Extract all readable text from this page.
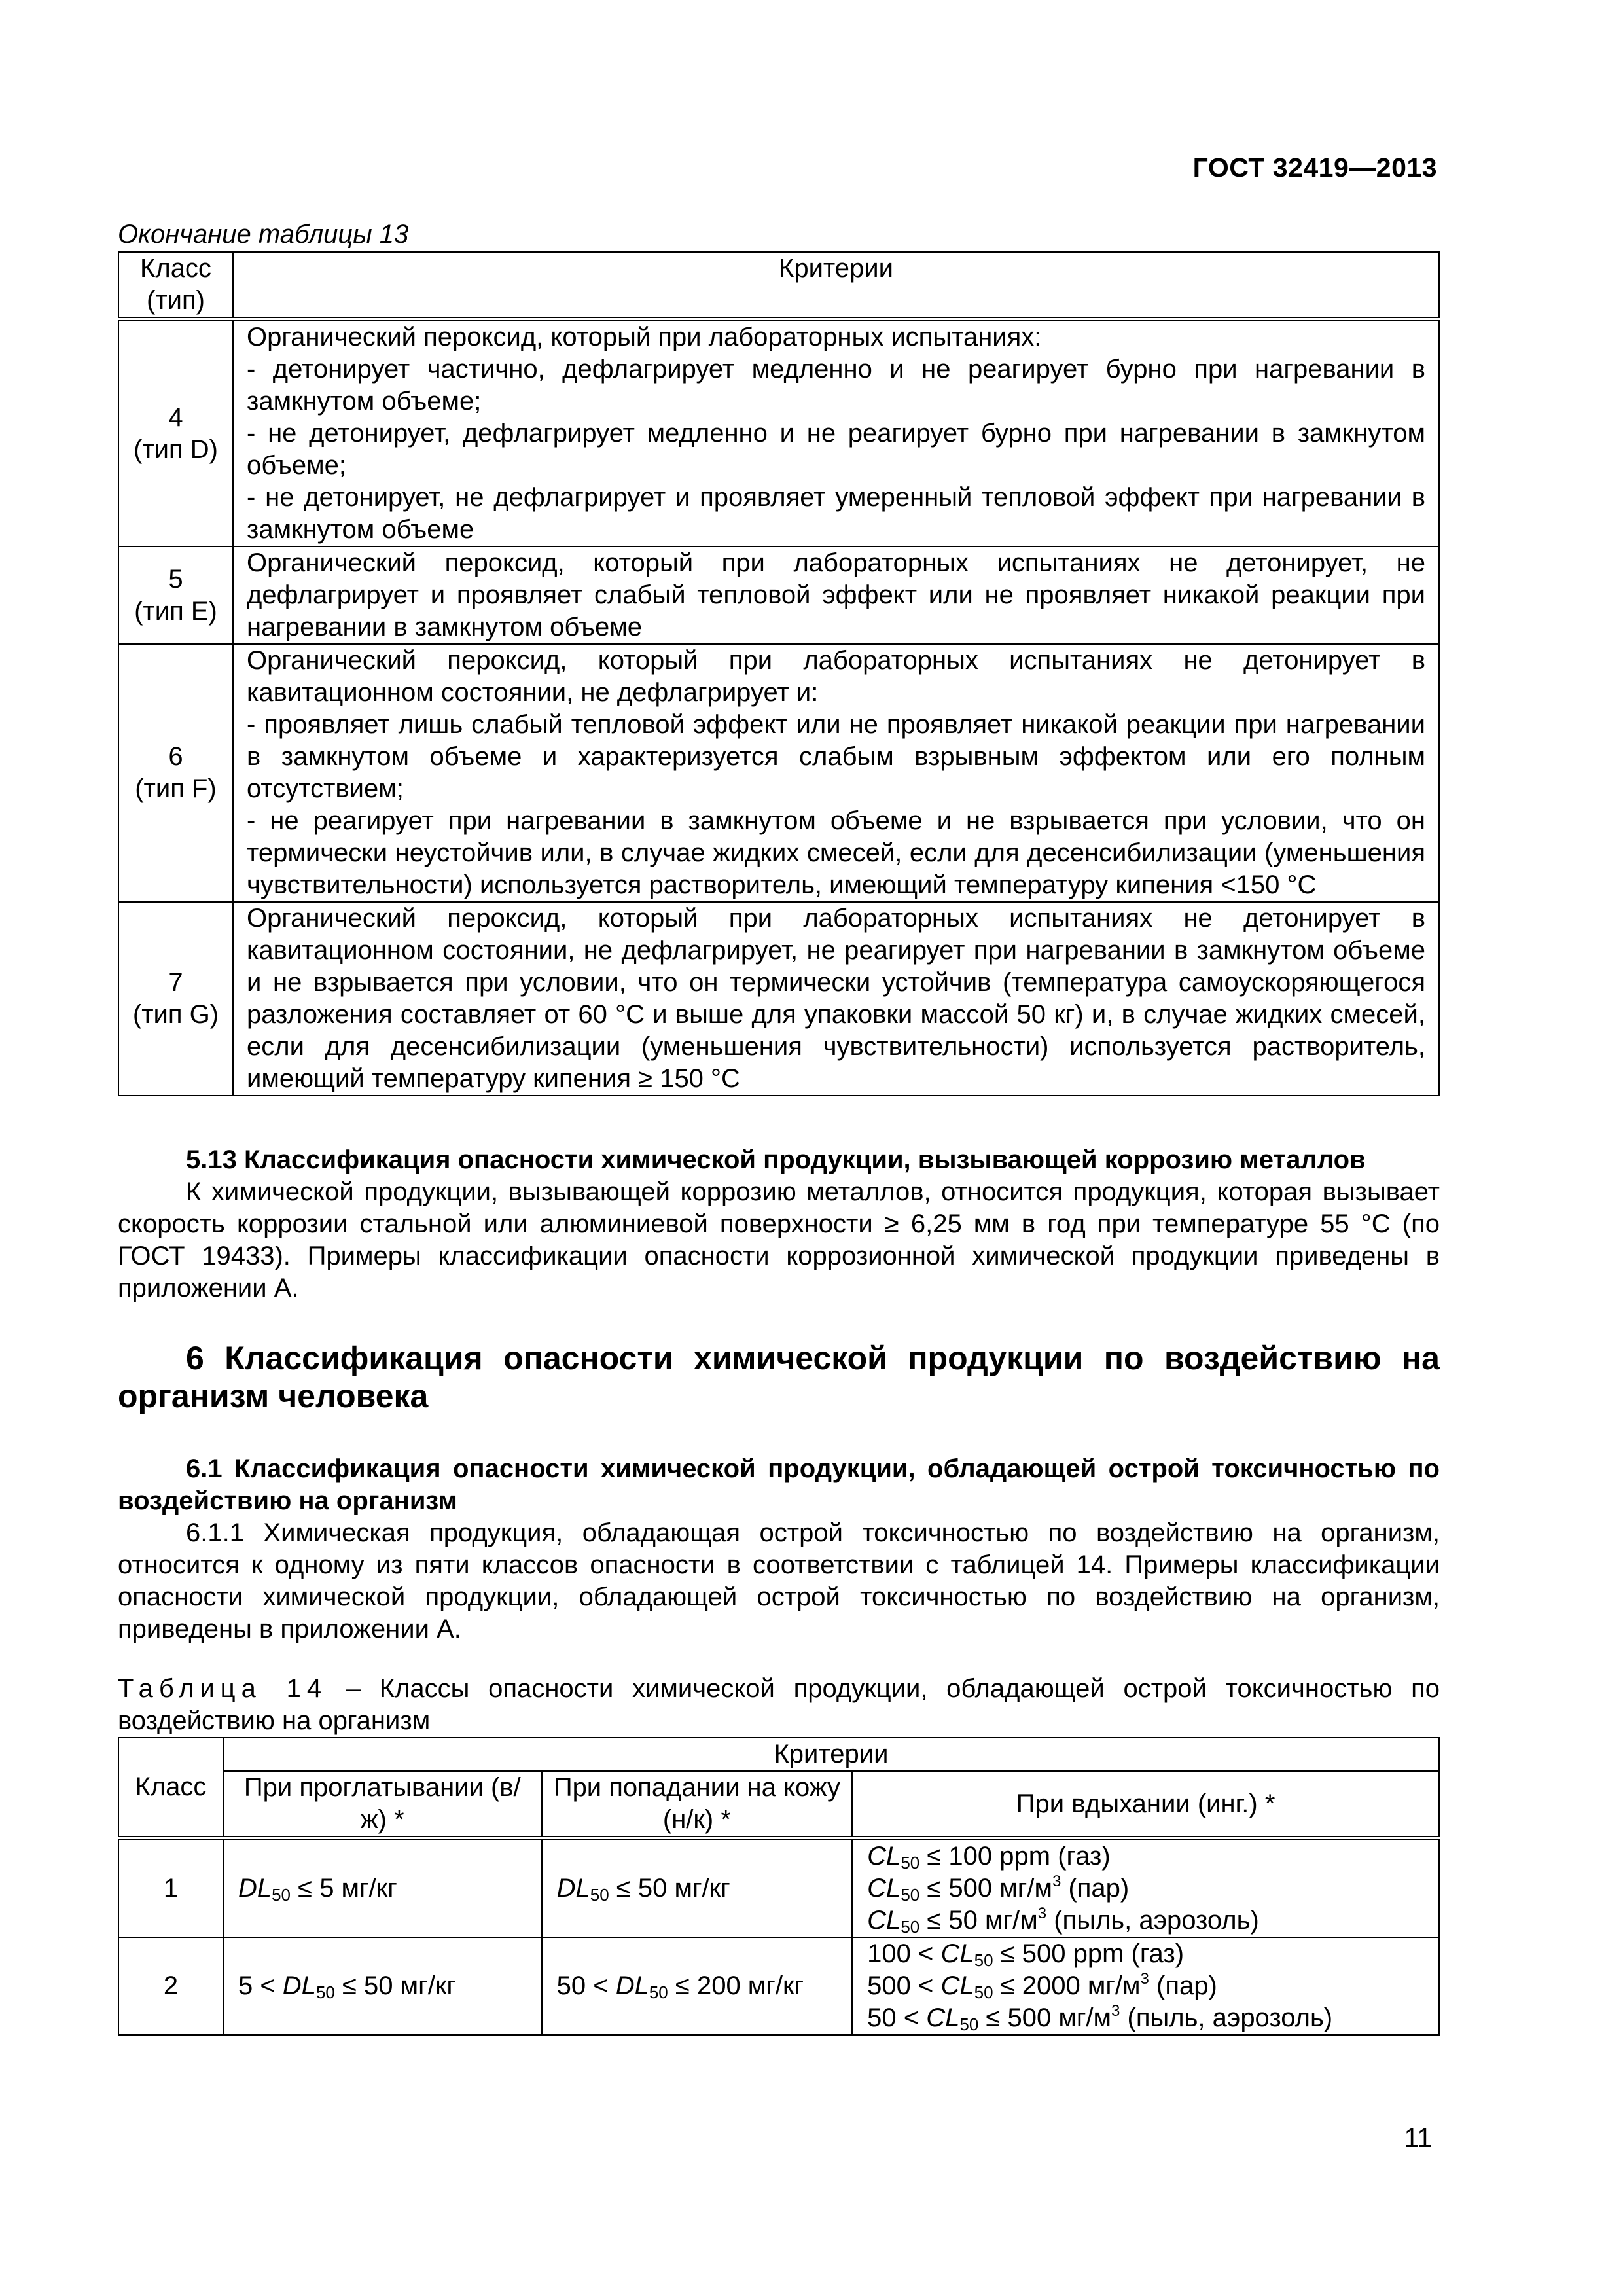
ГОСТ 32419—2013
Окончание таблицы 13
Класс (тип)	Критерии

4
(тип D)	Органический пероксид, который при лабораторных испытаниях:
- детонирует частично, дефлагрирует медленно и не реагирует бурно при нагревании в замкнутом объеме;
- не детонирует, дефлагрирует медленно и не реагирует бурно при нагревании в замкнутом объеме;
- не детонирует, не дефлагрирует и проявляет умеренный тепловой эффект при нагревании в замкнутом объеме

5
(тип E)	Органический пероксид, который при лабораторных испытаниях не детонирует, не дефлагрирует и проявляет слабый тепловой эффект или не проявляет никакой реакции при нагревании в замкнутом объеме

6
(тип F)	Органический пероксид, который при лабораторных испытаниях не детонирует в кавитационном состоянии, не дефлагрирует и:
- проявляет лишь слабый тепловой эффект или не проявляет никакой реакции при нагревании в замкнутом объеме и характеризуется слабым взрывным эффектом или его полным отсутствием;
- не реагирует при нагревании в замкнутом объеме и не взрывается при условии, что он термически неустойчив или, в случае жидких смесей, если для десенсибилизации (уменьшения чувствительности) используется растворитель, имеющий температуру кипения <150 °C

7
(тип G)	Органический пероксид, который при лабораторных испытаниях не детонирует в кавитационном состоянии, не дефлагрирует, не реагирует при нагревании в замкнутом объеме и не взрывается при условии, что он термически устойчив (температура самоускоряющегося разложения составляет от 60 °C и выше для упаковки массой 50 кг) и, в случае жидких смесей, если для десенсибилизации (уменьшения чувствительности) используется растворитель, имеющий температуру кипения ≥ 150 °C
5.13 Классификация опасности химической продукции, вызывающей коррозию металлов
К химической продукции, вызывающей коррозию металлов, относится продукция, которая вызывает скорость коррозии стальной или алюминиевой поверхности ≥ 6,25 мм в год при температуре 55 °C (по ГОСТ 19433). Примеры классификации опасности коррозионной химической продукции приведены в приложении А.
6 Классификация опасности химической продукции по воздействию на организм человека
6.1 Классификация опасности химической продукции, обладающей острой токсичностью по воздействию на организм
6.1.1 Химическая продукция, обладающая острой токсичностью по воздействию на организм, относится к одному из пяти классов опасности в соответствии с таблицей 14. Примеры классификации опасности химической продукции, обладающей острой токсичностью по воздействию на организм, приведены в приложении А.
Таблица 14 – Классы опасности химической продукции, обладающей острой токсичностью по воздействию на организм
Класс	Критерии		
	При проглатывании (в/ж) *	При попадании на кожу (н/к) *	При вдыхании (инг.) *
1	$DL_{50} \le 5$ мг/кг	$DL_{50} \le 50$ мг/кг	$CL_{50} \le 100$ ppm (газ)
$CL_{50} \le 500$ $мг/м^3$ (пар)
$CL_{50} \le 50$ $мг/м^3$ (пыль, аэрозоль)

2	$5 < DL_{50} \le 50$ мг/кг	$50 < DL_{50} \le 200$ мг/кг	$100 < CL_{50} \le 500$ ppm (газ)
$500 < CL_{50} \le 2000$ $мг/м^3$ (пар)
$50 < CL_{50} \le 500$ $мг/м^3$ (пыль, аэрозоль)
11
